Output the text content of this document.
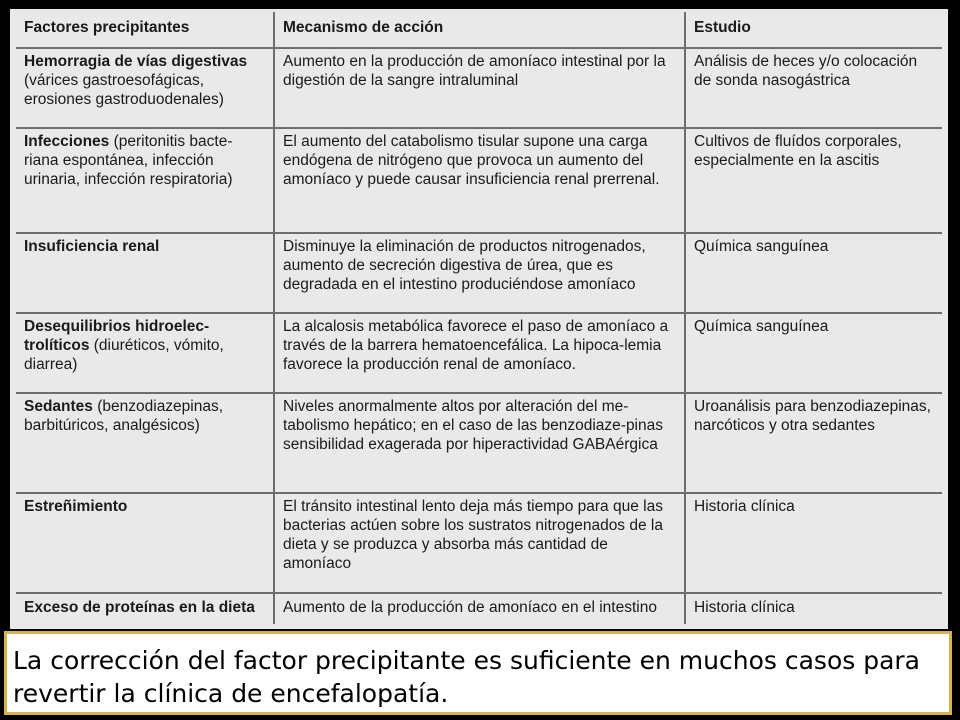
Factores precipitantes	Mecanismo de acción	Estudio
Hemorragia de vías digestivas (várices gastroesofágicas, erosiones gastroduodenales)	Aumento en la producción de amoníaco intestinal por la digestión de la sangre intraluminal	Análisis de heces y/o colocación de sonda nasogástrica
Infecciones (peritonitis bacte-riana espontánea, infección urinaria, infección respiratoria)	El aumento del catabolismo tisular supone una carga endógena de nitrógeno que provoca un aumento del amoníaco y puede causar insuficiencia renal prerrenal.	Cultivos de fluídos corporales, especialmente en la ascitis
Insuficiencia renal	Disminuye la eliminación de productos nitrogenados, aumento de secreción digestiva de úrea, que es degradada en el intestino produciéndose amoníaco	Química sanguínea
Desequilibrios hidroelec-trolíticos (diuréticos, vómito, diarrea)	La alcalosis metabólica favorece el paso de amoníaco a través de la barrera hematoencefálica. La hipoca-lemia favorece la producción renal de amoníaco.	Química sanguínea
Sedantes (benzodiazepinas, barbitúricos, analgésicos)	Niveles anormalmente altos por alteración del me-tabolismo hepático; en el caso de las benzodiaze-pinas sensibilidad exagerada por hiperactividad GABAérgica	Uroanálisis para benzodiazepinas, narcóticos y otra sedantes
Estreñimiento	El tránsito intestinal lento deja más tiempo para que las bacterias actúen sobre los sustratos nitrogenados de la dieta y se produzca y absorba más cantidad de amoníaco	Historia clínica
Exceso de proteínas en la dieta	Aumento de la producción de amoníaco en el intestino	Historia clínica
La corrección del factor precipitante es suficiente en muchos casos para revertir la clínica de encefalopatía.
